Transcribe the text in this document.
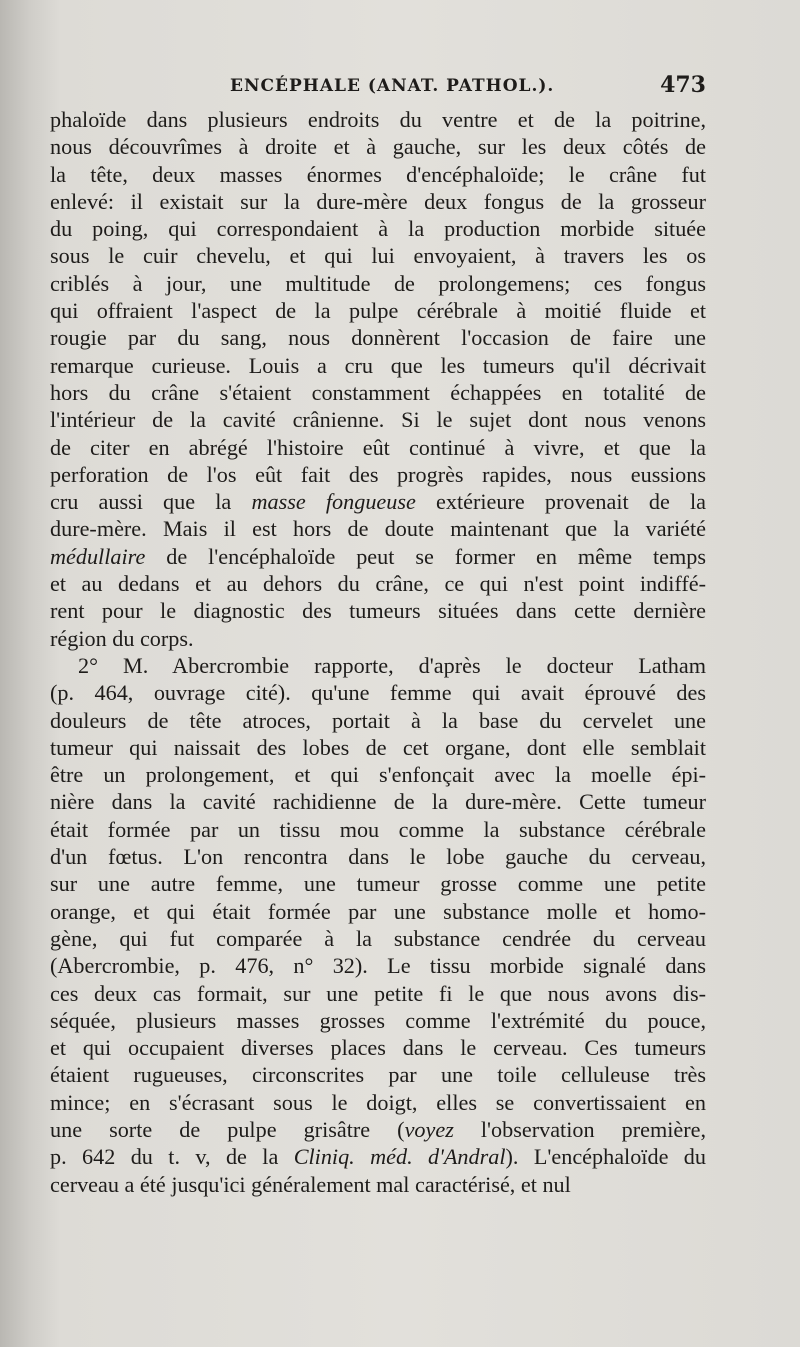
ENCÉPHALE (ANAT. PATHOL.).	473
phaloïde dans plusieurs endroits du ventre et de la poitrine,
nous découvrîmes à droite et à gauche, sur les deux côtés de
la tête, deux masses énormes d'encéphaloïde; le crâne fut
enlevé: il existait sur la dure-mère deux fongus de la grosseur
du poing, qui correspondaient à la production morbide située
sous le cuir chevelu, et qui lui envoyaient, à travers les os
criblés à jour, une multitude de prolongemens; ces fongus
qui offraient l'aspect de la pulpe cérébrale à moitié fluide et
rougie par du sang, nous donnèrent l'occasion de faire une
remarque curieuse. Louis a cru que les tumeurs qu'il décrivait
hors du crâne s'étaient constamment échappées en totalité de
l'intérieur de la cavité crânienne. Si le sujet dont nous venons
de citer en abrégé l'histoire eût continué à vivre, et que la
perforation de l'os eût fait des progrès rapides, nous eussions
cru aussi que la masse fongueuse extérieure provenait de la
dure-mère. Mais il est hors de doute maintenant que la variété
médullaire de l'encéphaloïde peut se former en même temps
et au dedans et au dehors du crâne, ce qui n'est point indiffé-
rent pour le diagnostic des tumeurs situées dans cette dernière
région du corps.
2° M. Abercrombie rapporte, d'après le docteur Latham
(p. 464, ouvrage cité). qu'une femme qui avait éprouvé des
douleurs de tête atroces, portait à la base du cervelet une
tumeur qui naissait des lobes de cet organe, dont elle semblait
être un prolongement, et qui s'enfonçait avec la moelle épi-
nière dans la cavité rachidienne de la dure-mère. Cette tumeur
était formée par un tissu mou comme la substance cérébrale
d'un fœtus. L'on rencontra dans le lobe gauche du cerveau,
sur une autre femme, une tumeur grosse comme une petite
orange, et qui était formée par une substance molle et homo-
gène, qui fut comparée à la substance cendrée du cerveau
(Abercrombie, p. 476, n° 32). Le tissu morbide signalé dans
ces deux cas formait, sur une petite fi le que nous avons dis-
séquée, plusieurs masses grosses comme l'extrémité du pouce,
et qui occupaient diverses places dans le cerveau. Ces tumeurs
étaient rugueuses, circonscrites par une toile celluleuse très
mince; en s'écrasant sous le doigt, elles se convertissaient en
une sorte de pulpe grisâtre (voyez l'observation première,
p. 642 du t. v, de la Cliniq. méd. d'Andral). L'encéphaloïde du
cerveau a été jusqu'ici généralement mal caractérisé, et nul
